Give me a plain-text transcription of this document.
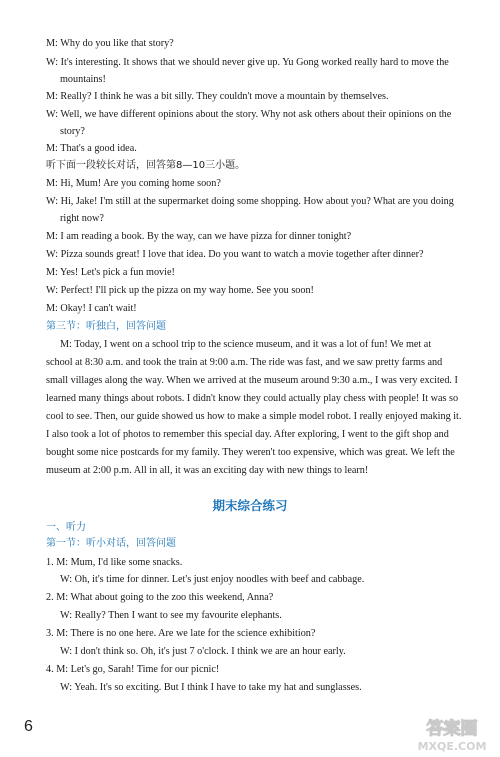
M: Why do you like that story?
W: It's interesting. It shows that we should never give up. Yu Gong worked really hard to move the
mountains!
M: Really? I think he was a bit silly. They couldn't move a mountain by themselves.
W: Well, we have different opinions about the story. Why not ask others about their opinions on the
story?
M: That's a good idea.
听下面一段较长对话，回答第8—10三小题。
M: Hi, Mum! Are you coming home soon?
W: Hi, Jake! I'm still at the supermarket doing some shopping. How about you? What are you doing
right now?
M: I am reading a book. By the way, can we have pizza for dinner tonight?
W: Pizza sounds great! I love that idea. Do you want to watch a movie together after dinner?
M: Yes! Let's pick a fun movie!
W: Perfect! I'll pick up the pizza on my way home. See you soon!
M: Okay! I can't wait!
第三节：听独白，回答问题
M: Today, I went on a school trip to the science museum, and it was a lot of fun! We met at
school at 8:30 a.m. and took the train at 9:00 a.m. The ride was fast, and we saw pretty farms and
small villages along the way. When we arrived at the museum around 9:30 a.m., I was very excited. I
learned many things about robots. I didn't know they could actually play chess with people! It was so
cool to see. Then, our guide showed us how to make a simple model robot. I really enjoyed making it.
I also took a lot of photos to remember this special day. After exploring, I went to the gift shop and
bought some nice postcards for my family. They weren't too expensive, which was great. We left the
museum at 2:00 p.m. All in all, it was an exciting day with new things to learn!
期末综合练习
一、听力
第一节：听小对话，回答问题
1. M: Mum, I'd like some snacks.
W: Oh, it's time for dinner. Let's just enjoy noodles with beef and cabbage.
2. M: What about going to the zoo this weekend, Anna?
W: Really? Then I want to see my favourite elephants.
3. M: There is no one here. Are we late for the science exhibition?
W: I don't think so. Oh, it's just 7 o'clock. I think we are an hour early.
4. M: Let's go, Sarah! Time for our picnic!
W: Yeah. It's so exciting. But I think I have to take my hat and sunglasses.
6	答案圈
MXQE.COM
